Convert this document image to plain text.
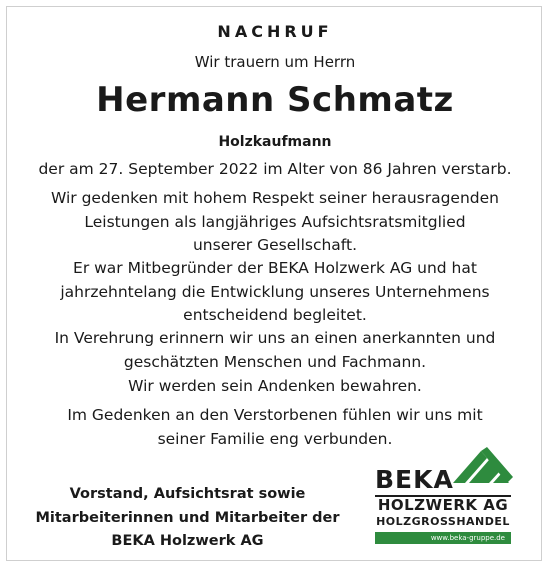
NACHRUF
Wir trauern um Herrn
Hermann Schmatz
Holzkaufmann
der am 27. September 2022 im Alter von 86 Jahren verstarb.
Wir gedenken mit hohem Respekt seiner herausragenden
Leistungen als langjähriges Aufsichtsratsmitglied
unserer Gesellschaft.
Er war Mitbegründer der BEKA Holzwerk AG und hat
jahrzehntelang die Entwicklung unseres Unternehmens
entscheidend begleitet.
In Verehrung erinnern wir uns an einen anerkannten und
geschätzten Menschen und Fachmann.
Wir werden sein Andenken bewahren.
Im Gedenken an den Verstorbenen fühlen wir uns mit
seiner Familie eng verbunden.
Vorstand, Aufsichtsrat sowie
Mitarbeiterinnen und Mitarbeiter der
BEKA Holzwerk AG
BEKA
HOLZWERK AG
HOLZGROSSHANDEL
www.beka-gruppe.de
